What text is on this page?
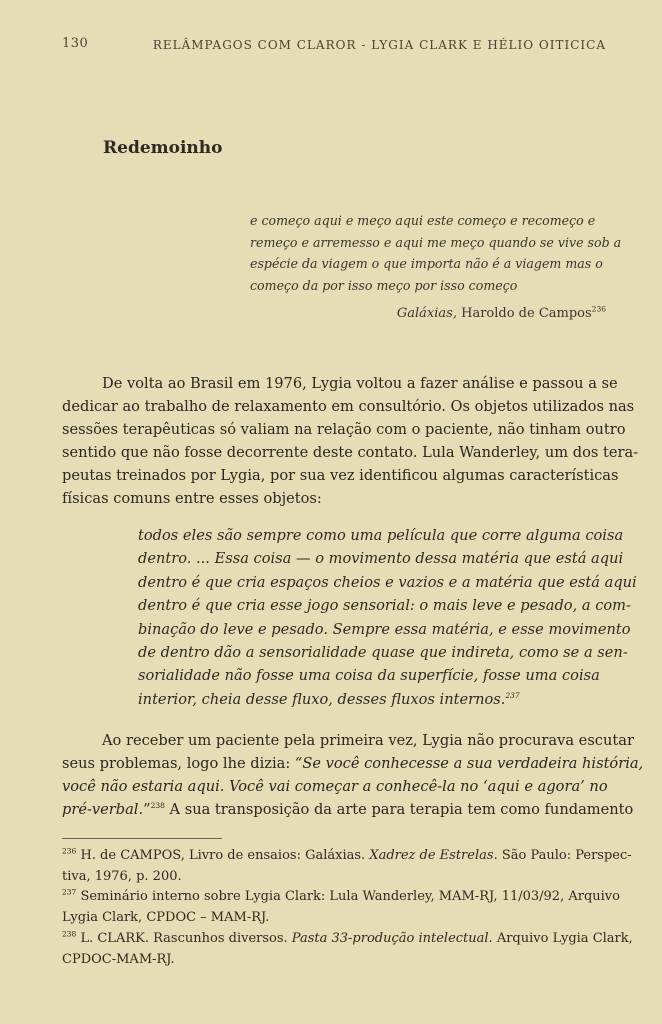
130	RELÂMPAGOS COM CLAROR - LYGIA CLARK E HÉLIO OITICICA
Redemoinho
e começo aqui e meço aqui este começo e recomeço e
remeço e arremesso e aqui me meço quando se vive sob a
espécie da viagem o que importa não é a viagem mas o
começo da por isso meço por isso começo
Galáxias, Haroldo de Campos$^{236}$
De volta ao Brasil em 1976, Lygia voltou a fazer análise e passou a se
dedicar ao trabalho de relaxamento em consultório. Os objetos utilizados nas
sessões terapêuticas só valiam na relação com o paciente, não tinham outro
sentido que não fosse decorrente deste contato. Lula Wanderley, um dos tera-
peutas treinados por Lygia, por sua vez identificou algumas características
físicas comuns entre esses objetos:
todos eles são sempre como uma película que corre alguma coisa
dentro. ... Essa coisa — o movimento dessa matéria que está aqui
dentro é que cria espaços cheios e vazios e a matéria que está aqui
dentro é que cria esse jogo sensorial: o mais leve e pesado, a com-
binação do leve e pesado. Sempre essa matéria, e esse movimento
de dentro dão a sensorialidade quase que indireta, como se a sen-
sorialidade não fosse uma coisa da superfície, fosse uma coisa
interior, cheia desse fluxo, desses fluxos internos.$^{237}$
Ao receber um paciente pela primeira vez, Lygia não procurava escutar
seus problemas, logo lhe dizia: “Se você conhecesse a sua verdadeira história,
você não estaria aqui. Você vai começar a conhecê-la no ‘aqui e agora’ no
pré-verbal.”$^{238}$ A sua transposição da arte para terapia tem como fundamento
$^{236}$ H. de CAMPOS, Livro de ensaios: Galáxias. Xadrez de Estrelas. São Paulo: Perspec-
tiva, 1976, p. 200.
$^{237}$ Seminário interno sobre Lygia Clark: Lula Wanderley, MAM-RJ, 11/03/92, Arquivo
Lygia Clark, CPDOC – MAM-RJ.
$^{238}$ L. CLARK. Rascunhos diversos. Pasta 33-produção intelectual. Arquivo Lygia Clark,
CPDOC-MAM-RJ.
